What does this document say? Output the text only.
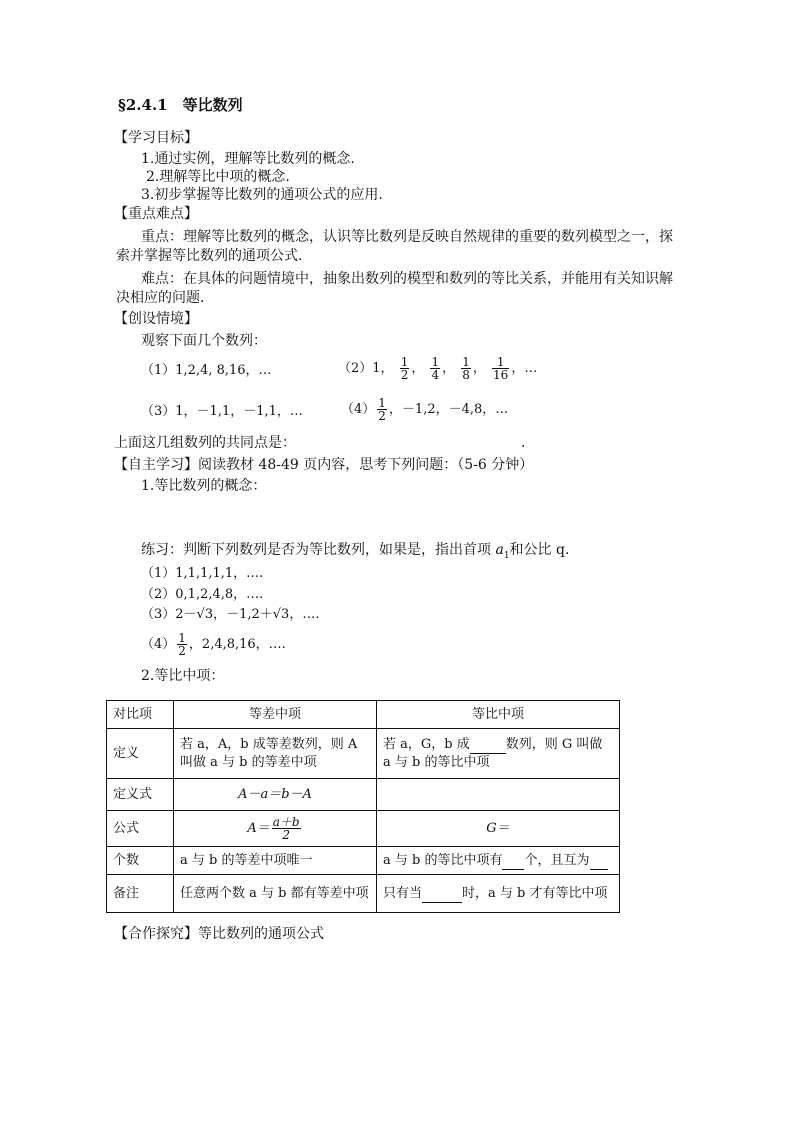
§2.4.1　等比数列
【学习目标】
1.通过实例，理解等比数列的概念.
2.理解等比中项的概念.
3.初步掌握等比数列的通项公式的应用.
【重点难点】
重点：理解等比数列的概念，认识等比数列是反映自然规律的重要的数列模型之一，探
索并掌握等比数列的通项公式.
难点：在具体的问题情境中，抽象出数列的模型和数列的等比关系，并能用有关知识解
决相应的问题.
【创设情境】
观察下面几个数列：
（1）1,2,4, 8,16，…	（2）1， $\frac{1}{2}$ ， $\frac{1}{4}$ ， $\frac{1}{8}$ ， $\frac{1}{16}$ ，…
（3）1，－1,1，－1,1，…	$(4) \frac{1}{2}$ ，－1,2，－4,8，…
上面这几组数列的共同点是：	.
【自主学习】阅读教材 48-49 页内容，思考下列问题：（5-6 分钟）
1.等比数列的概念：
练习：判断下列数列是否为等比数列，如果是，指出首项 $a_1$和公比 q.
（1）1,1,1,1,1，….
（2）0,1,2,4,8，….
（3）2－√3，－1,2＋√3，….
$(4) \frac{1}{2}$ ，2,4,8,16，….
2.等比中项：
对比项	等差中项	等比中项
定义	若 a，A，b 成等差数列，则 A 叫做 a 与 b 的等差中项	若 a，G，b 成 数列，则 G 叫做 a 与 b 的等比中项
定义式	A－a＝b－A	
公式	$A= \frac{a+b}{2}$	G＝
个数	a 与 b 的等差中项唯一	a 与 b 的等比中项有 个，且互为
备注	任意两个数 a 与 b 都有等差中项	只有当 时，a 与 b 才有等比中项
【合作探究】等比数列的通项公式
